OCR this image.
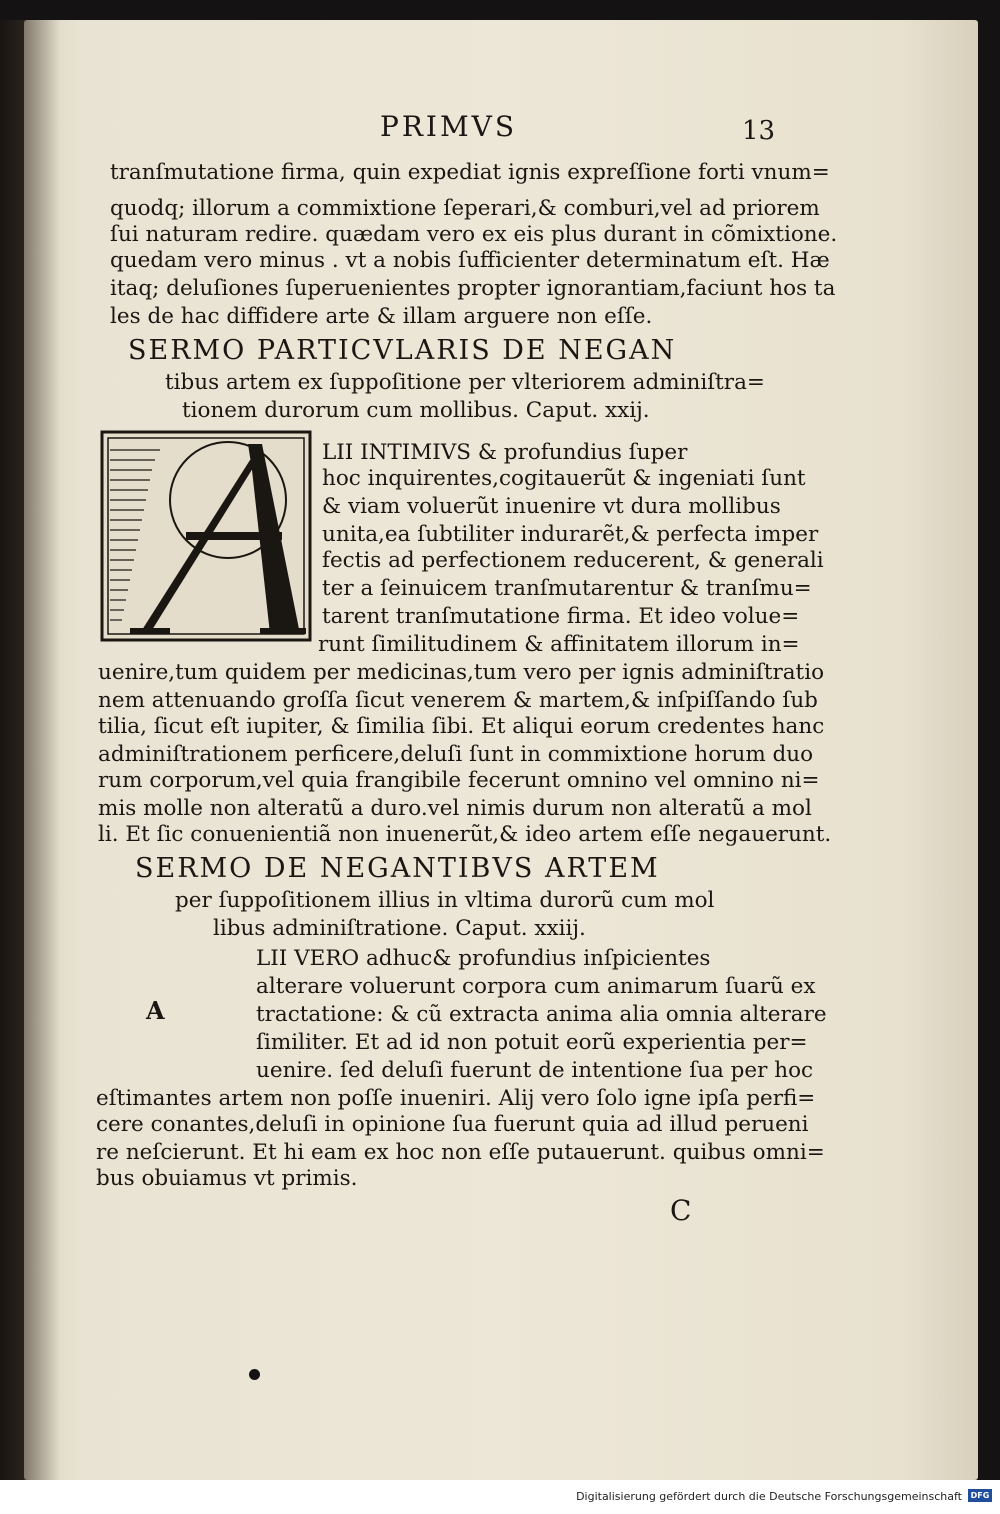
PRIMVS	13
tranſmutatione firma, quin expediat ignis expreſſione forti vnum=
quodq; illorum a commixtione ſeperari,& comburi,vel ad priorem
ſui naturam redire. quædam vero ex eis plus durant in cõmixtione.
quedam vero minus . vt a nobis ſufficienter determinatum eſt. Hæ
itaq; deluſiones ſuperuenientes propter ignorantiam,faciunt hos ta
les de hac diffidere arte & illam arguere non eſſe.
SERMO PARTICVLARIS DE NEGAN
tibus artem ex ſuppoſitione per vlteriorem adminiſtra=
tionem durorum cum mollibus. Caput. xxij.
LII INTIMIVS & profundius ſuper
hoc inquirentes,cogitauerũt & ingeniati ſunt
& viam voluerũt inuenire vt dura mollibus
unita,ea ſubtiliter indurarẽt,& perfecta imper
fectis ad perfectionem reducerent, & generali
ter a ſeinuicem tranſmutarentur & tranſmu=
tarent tranſmutatione firma. Et ideo volue=
runt ſimilitudinem & affinitatem illorum in=
uenire,tum quidem per medicinas,tum vero per ignis adminiſtratio
nem attenuando groſſa ſicut venerem & martem,& inſpiſſando ſub
tilia, ſicut eſt iupiter, & ſimilia ſibi. Et aliqui eorum credentes hanc
adminiſtrationem perficere,deluſi ſunt in commixtione horum duo
rum corporum,vel quia frangibile fecerunt omnino vel omnino ni=
mis molle non alteratũ a duro.vel nimis durum non alteratũ a mol
li. Et ſic conuenientiã non inuenerũt,& ideo artem eſſe negauerunt.
SERMO DE NEGANTIBVS ARTEM
per ſuppoſitionem illius in vltima durorũ cum mol
libus adminiſtratione. Caput. xxiij.
A
LII VERO adhuc& profundius inſpicientes
alterare voluerunt corpora cum animarum ſuarũ ex
tractatione: & cũ extracta anima alia omnia alterare
ſimiliter. Et ad id non potuit eorũ experientia per=
uenire. ſed deluſi fuerunt de intentione ſua per hoc
eſtimantes artem non poſſe inueniri. Alij vero ſolo igne ipſa perfi=
cere conantes,deluſi in opinione ſua fuerunt quia ad illud perueni
re neſcierunt. Et hi eam ex hoc non eſſe putauerunt. quibus omni=
bus obuiamus vt primis.
C
Digitalisierung gefördert durch die Deutsche Forschungsgemeinschaft	DFG
